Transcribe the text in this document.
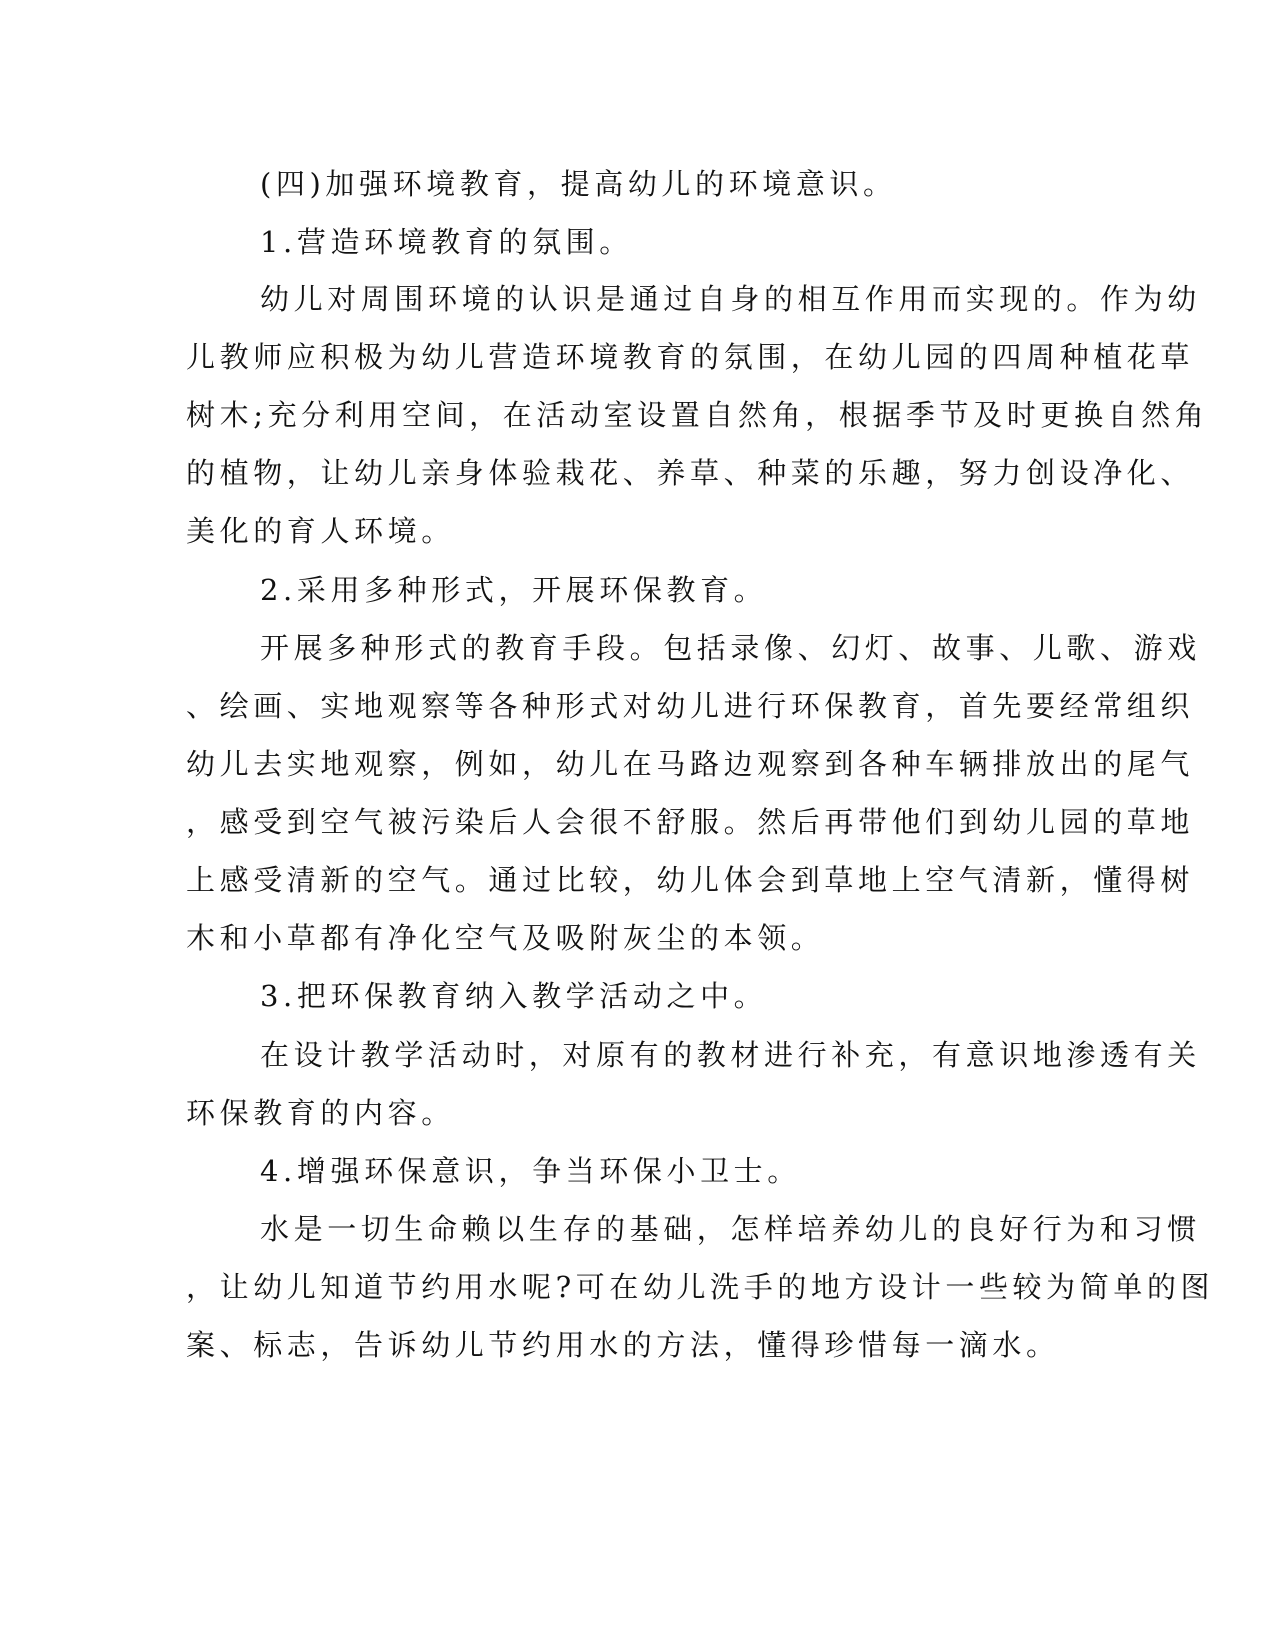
(四)加强环境教育，提高幼儿的环境意识。
1.营造环境教育的氛围。
幼儿对周围环境的认识是通过自身的相互作用而实现的。作为幼
儿教师应积极为幼儿营造环境教育的氛围，在幼儿园的四周种植花草
树木;充分利用空间，在活动室设置自然角，根据季节及时更换自然角
的植物，让幼儿亲身体验栽花、养草、种菜的乐趣，努力创设净化、
美化的育人环境。
2.采用多种形式，开展环保教育。
开展多种形式的教育手段。包括录像、幻灯、故事、儿歌、游戏
、绘画、实地观察等各种形式对幼儿进行环保教育，首先要经常组织
幼儿去实地观察，例如，幼儿在马路边观察到各种车辆排放出的尾气
，感受到空气被污染后人会很不舒服。然后再带他们到幼儿园的草地
上感受清新的空气。通过比较，幼儿体会到草地上空气清新，懂得树
木和小草都有净化空气及吸附灰尘的本领。
3.把环保教育纳入教学活动之中。
在设计教学活动时，对原有的教材进行补充，有意识地渗透有关
环保教育的内容。
4.增强环保意识，争当环保小卫士。
水是一切生命赖以生存的基础，怎样培养幼儿的良好行为和习惯
，让幼儿知道节约用水呢?可在幼儿洗手的地方设计一些较为简单的图
案、标志，告诉幼儿节约用水的方法，懂得珍惜每一滴水。
